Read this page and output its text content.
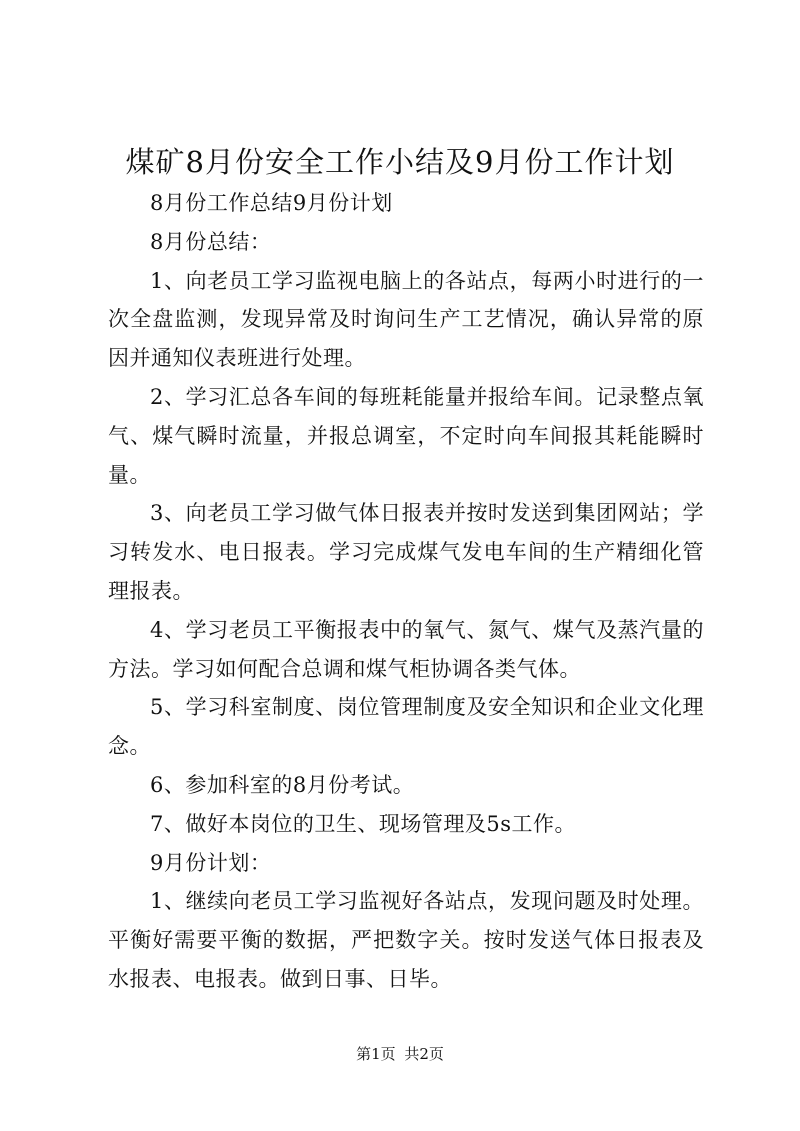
煤矿8月份安全工作小结及9月份工作计划

8月份工作总结9月份计划

8月份总结：

1、向老员工学习监视电脑上的各站点，每两小时进行的一次全盘监测，发现异常及时询问生产工艺情况，确认异常的原因并通知仪表班进行处理。

2、学习汇总各车间的每班耗能量并报给车间。记录整点氧气、煤气瞬时流量，并报总调室，不定时向车间报其耗能瞬时量。

3、向老员工学习做气体日报表并按时发送到集团网站；学习转发水、电日报表。学习完成煤气发电车间的生产精细化管理报表。

4、学习老员工平衡报表中的氧气、氮气、煤气及蒸汽量的方法。学习如何配合总调和煤气柜协调各类气体。

5、学习科室制度、岗位管理制度及安全知识和企业文化理念。

6、参加科室的8月份考试。

7、做好本岗位的卫生、现场管理及5s工作。

9月份计划：

1、继续向老员工学习监视好各站点，发现问题及时处理。平衡好需要平衡的数据，严把数字关。按时发送气体日报表及水报表、电报表。做到日事、日毕。

第1页 共2页
